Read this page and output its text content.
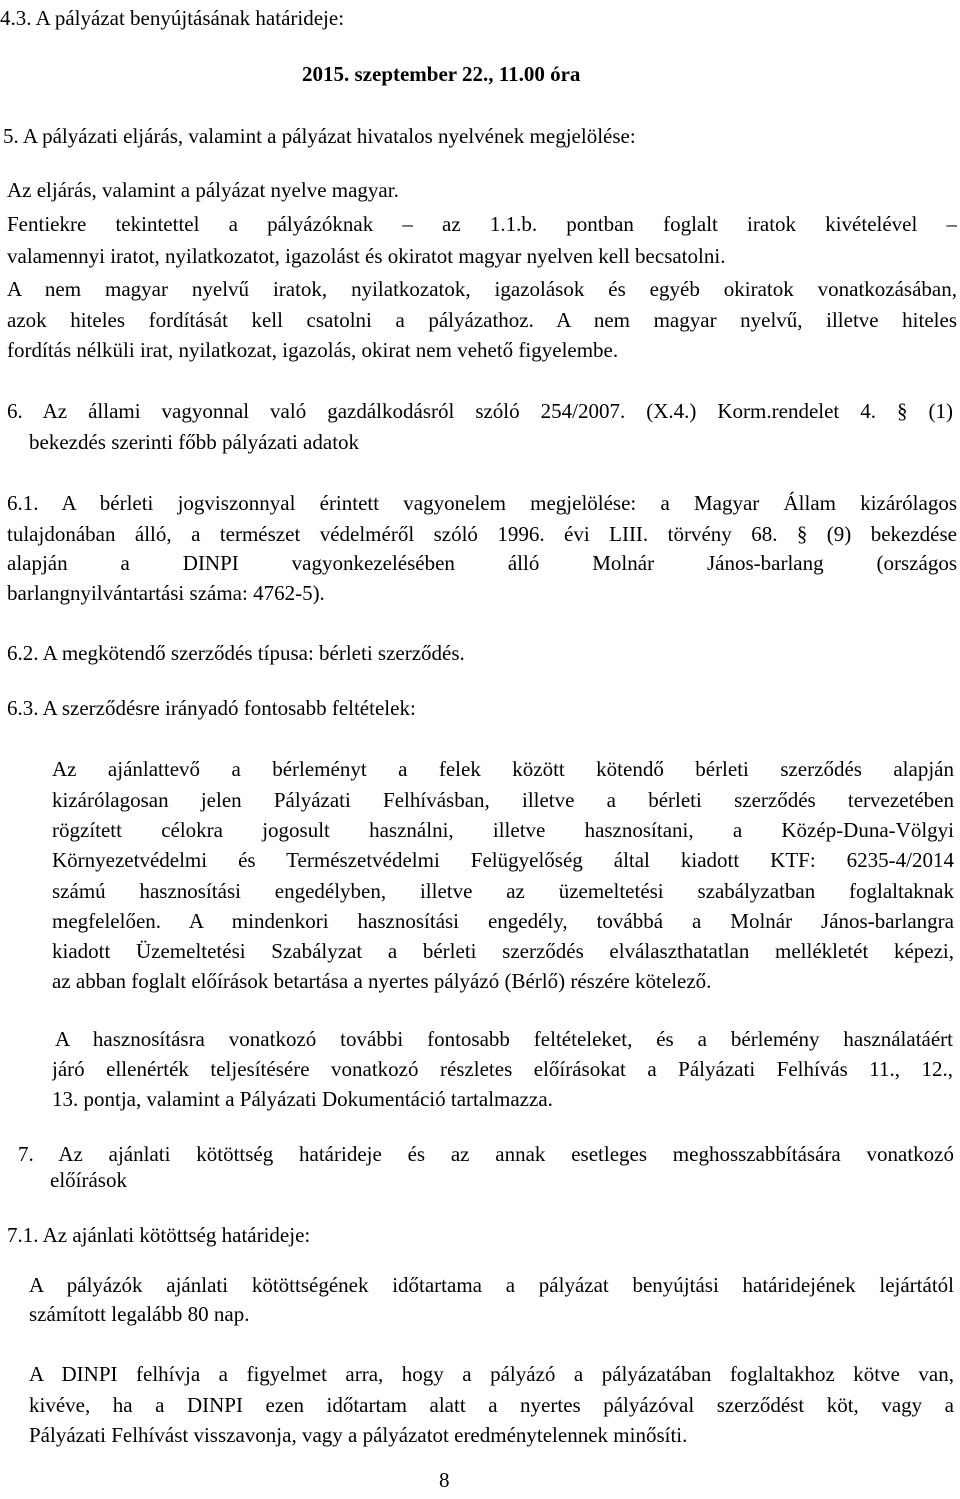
4.3. A pályázat benyújtásának határideje:
2015. szeptember 22., 11.00 óra
5. A pályázati eljárás, valamint a pályázat hivatalos nyelvének megjelölése:
Az eljárás, valamint a pályázat nyelve magyar.
Fentiekre tekintettel a pályázóknak – az 1.1.b. pontban foglalt iratok kivételével –
valamennyi iratot, nyilatkozatot, igazolást és okiratot magyar nyelven kell becsatolni.
A nem magyar nyelvű iratok, nyilatkozatok, igazolások és egyéb okiratok vonatkozásában,
azok hiteles fordítását kell csatolni a pályázathoz. A nem magyar nyelvű, illetve hiteles
fordítás nélküli irat, nyilatkozat, igazolás, okirat nem vehető figyelembe.
6. Az állami vagyonnal való gazdálkodásról szóló 254/2007. (X.4.) Korm.rendelet 4. § (1)
bekezdés szerinti főbb pályázati adatok
6.1. A bérleti jogviszonnyal érintett vagyonelem megjelölése: a Magyar Állam kizárólagos
tulajdonában álló, a természet védelméről szóló 1996. évi LIII. törvény 68. § (9) bekezdése
alapján a DINPI vagyonkezelésében álló Molnár János-barlang (országos
barlangnyilvántartási száma: 4762-5).
6.2. A megkötendő szerződés típusa: bérleti szerződés.
6.3. A szerződésre irányadó fontosabb feltételek:
Az ajánlattevő a bérleményt a felek között kötendő bérleti szerződés alapján
kizárólagosan jelen Pályázati Felhívásban, illetve a bérleti szerződés tervezetében
rögzített célokra jogosult használni, illetve hasznosítani, a Közép-Duna-Völgyi
Környezetvédelmi és Természetvédelmi Felügyelőség által kiadott KTF: 6235-4/2014
számú hasznosítási engedélyben, illetve az üzemeltetési szabályzatban foglaltaknak
megfelelően. A mindenkori hasznosítási engedély, továbbá a Molnár János-barlangra
kiadott Üzemeltetési Szabályzat a bérleti szerződés elválaszthatatlan mellékletét képezi,
az abban foglalt előírások betartása a nyertes pályázó (Bérlő) részére kötelező.
A hasznosításra vonatkozó további fontosabb feltételeket, és a bérlemény használatáért
járó ellenérték teljesítésére vonatkozó részletes előírásokat a Pályázati Felhívás 11., 12.,
13. pontja, valamint a Pályázati Dokumentáció tartalmazza.
7. Az ajánlati kötöttség határideje és az annak esetleges meghosszabbítására vonatkozó
előírások
7.1. Az ajánlati kötöttség határideje:
A pályázók ajánlati kötöttségének időtartama a pályázat benyújtási határidejének lejártától
számított legalább 80 nap.
A DINPI felhívja a figyelmet arra, hogy a pályázó a pályázatában foglaltakhoz kötve van,
kivéve, ha a DINPI ezen időtartam alatt a nyertes pályázóval szerződést köt, vagy a
Pályázati Felhívást visszavonja, vagy a pályázatot eredménytelennek minősíti.
8
